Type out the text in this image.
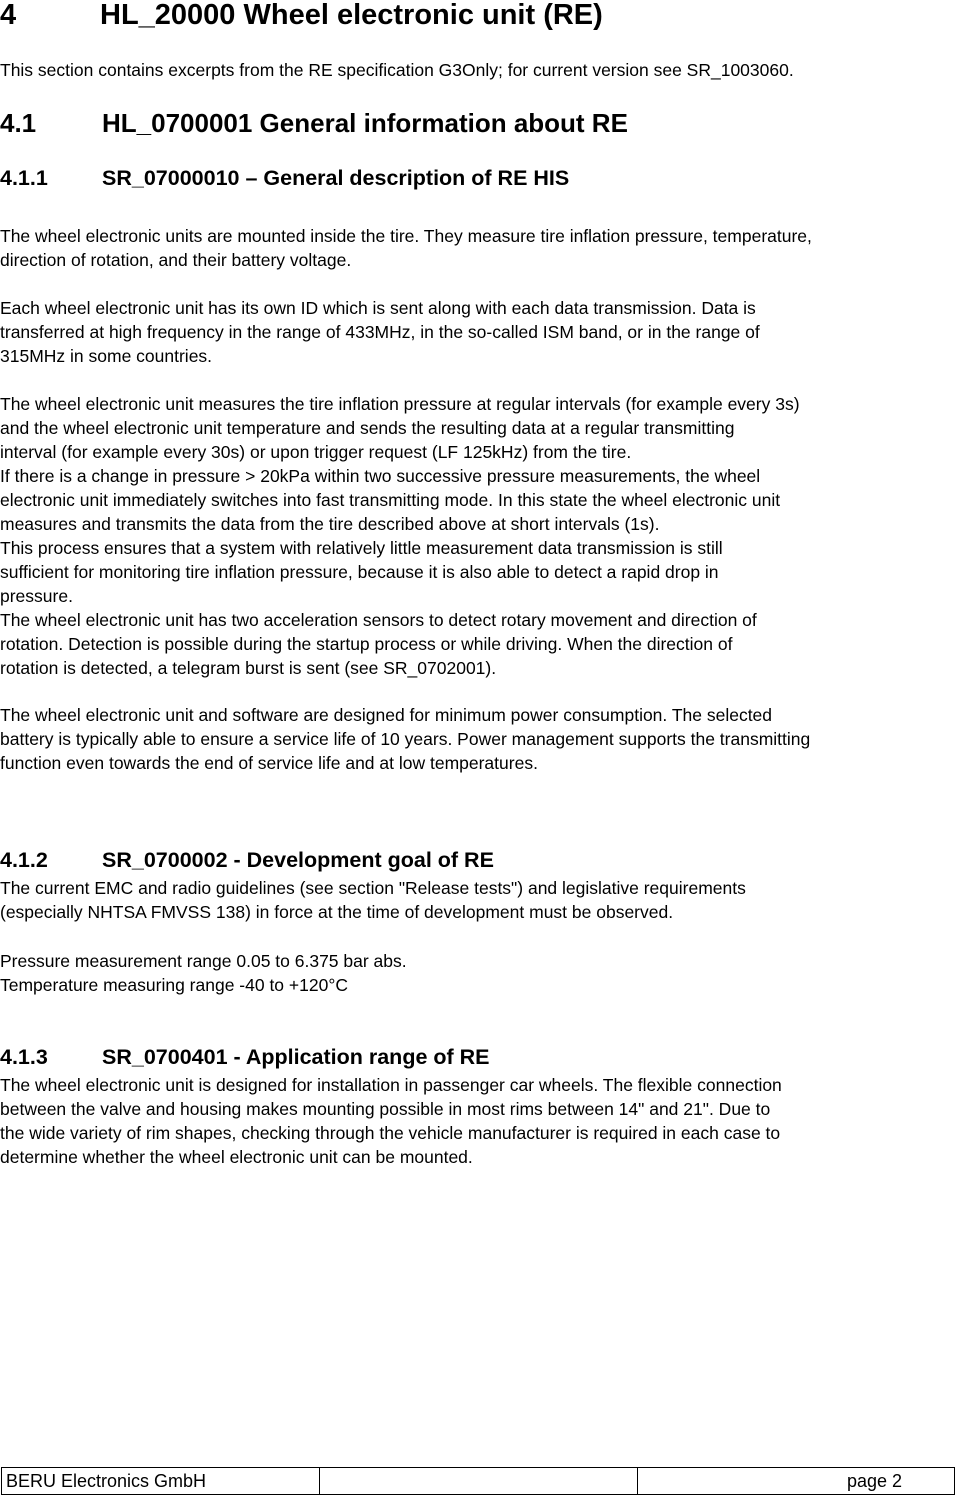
4	HL_20000 Wheel electronic unit (RE)
This section contains excerpts from the RE specification G3Only; for current version see SR_1003060.
4.1	HL_0700001 General information about RE
4.1.1	SR_07000010 – General description of RE HIS
The wheel electronic units are mounted inside the tire. They measure tire inflation pressure, temperature,
direction of rotation, and their battery voltage.
Each wheel electronic unit has its own ID which is sent along with each data transmission. Data is
transferred at high frequency in the range of 433MHz, in the so-called ISM band, or in the range of
315MHz in some countries.
The wheel electronic unit measures the tire inflation pressure at regular intervals (for example every 3s)
and the wheel electronic unit temperature and sends the resulting data at a regular transmitting
interval (for example every 30s) or upon trigger request (LF 125kHz) from the tire.
If there is a change in pressure > 20kPa within two successive pressure measurements, the wheel
electronic unit immediately switches into fast transmitting mode. In this state the wheel electronic unit
measures and transmits the data from the tire described above at short intervals (1s).
This process ensures that a system with relatively little measurement data transmission is still
sufficient for monitoring tire inflation pressure, because it is also able to detect a rapid drop in
pressure.
The wheel electronic unit has two acceleration sensors to detect rotary movement and direction of
rotation. Detection is possible during the startup process or while driving. When the direction of
rotation is detected, a telegram burst is sent (see SR_0702001).
The wheel electronic unit and software are designed for minimum power consumption. The selected
battery is typically able to ensure a service life of 10 years. Power management supports the transmitting
function even towards the end of service life and at low temperatures.
4.1.2	SR_0700002 - Development goal of RE
The current EMC and radio guidelines (see section "Release tests") and legislative requirements
(especially NHTSA FMVSS 138) in force at the time of development must be observed.
Pressure measurement range 0.05 to 6.375 bar abs.
Temperature measuring range -40 to +120°C
4.1.3	SR_0700401 - Application range of RE
The wheel electronic unit is designed for installation in passenger car wheels. The flexible connection
between the valve and housing makes mounting possible in most rims between 14" and 21". Due to
the wide variety of rim shapes, checking through the vehicle manufacturer is required in each case to
determine whether the wheel electronic unit can be mounted.
BERU Electronics GmbH	page 2
